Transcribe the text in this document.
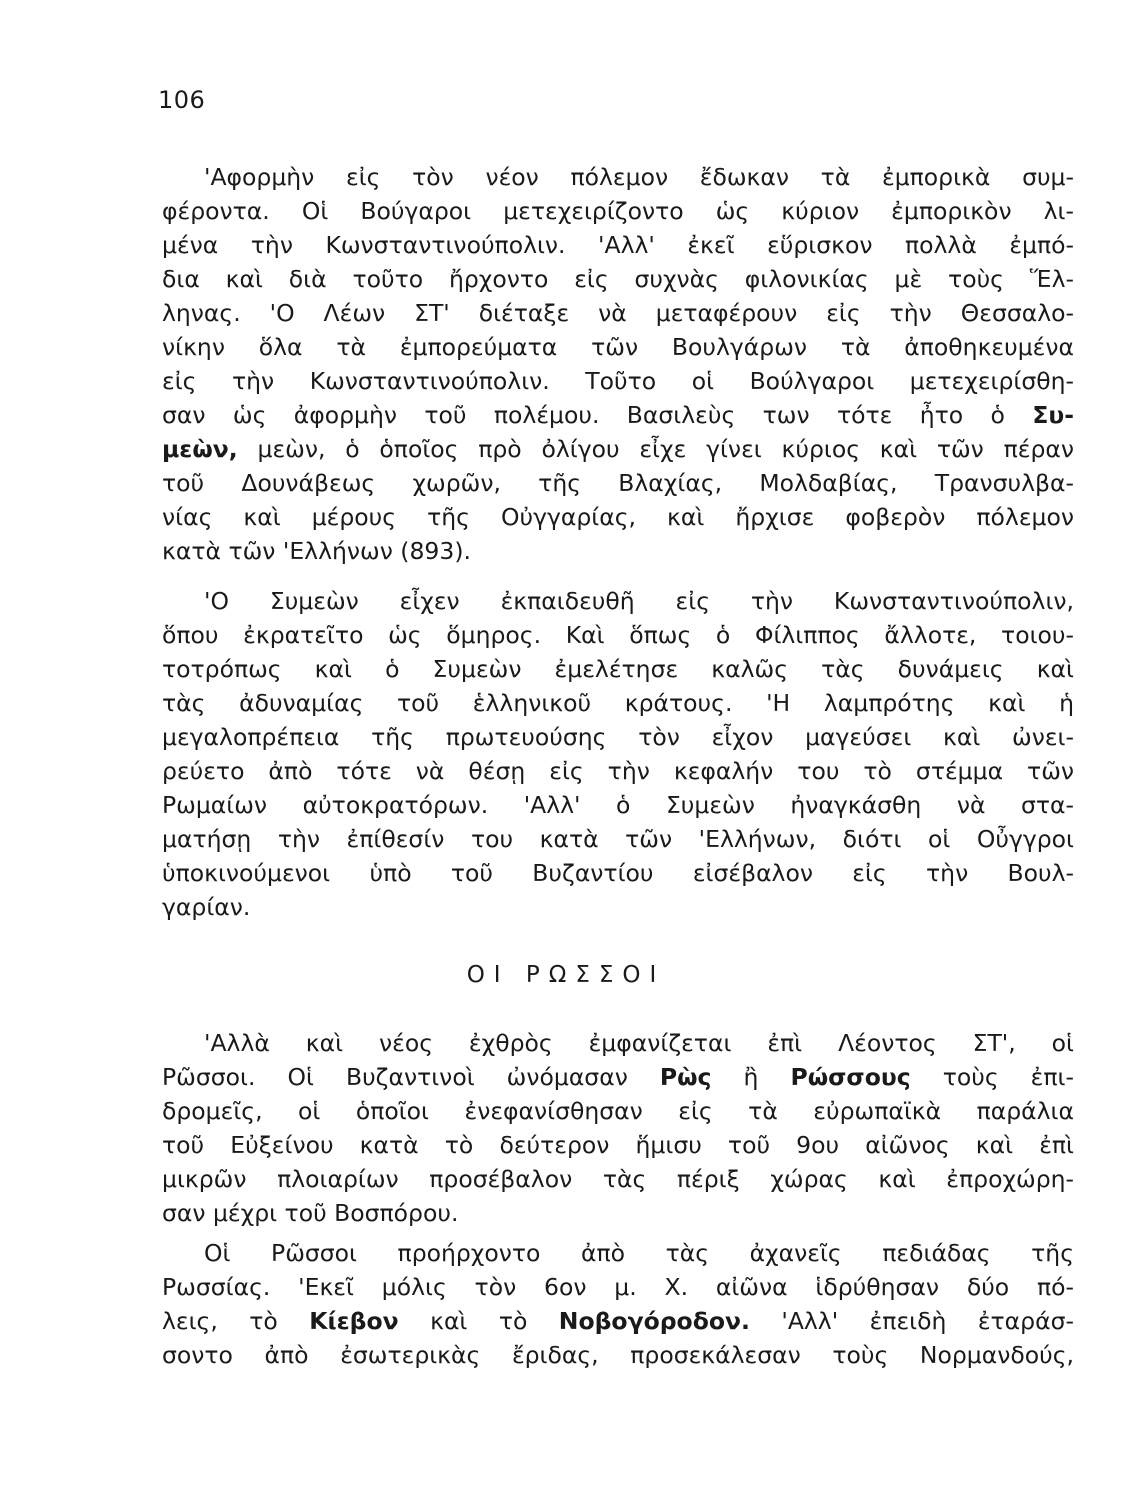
106
'Αφορμὴν εἰς τὸν νέον πόλεμον ἔδωκαν τὰ ἐμπορικὰ συμ-
φέροντα. Οἱ Βούγαροι μετεχειρίζοντο ὡς κύριον ἐμπορικὸν λι-
μένα τὴν Κωνσταντινούπολιν. 'Αλλ' ἐκεῖ εὕρισκον πολλὰ ἐμπό-
δια καὶ διὰ τοῦτο ἤρχοντο εἰς συχνὰς φιλονικίας μὲ τοὺς Ἕλ-
ληνας. 'Ο Λέων ΣΤ' διέταξε νὰ μεταφέρουν εἰς τὴν Θεσσαλο-
νίκην ὅλα τὰ ἐμπορεύματα τῶν Βουλγάρων τὰ ἀποθηκευμένα
εἰς τὴν Κωνσταντινούπολιν. Τοῦτο οἱ Βούλγαροι μετεχειρίσθη-
σαν ὡς ἀφορμὴν τοῦ πολέμου. Βασιλεὺς των τότε ἦτο ὁ Συ-
μεὼν, μεὼν, ὁ ὁποῖος πρὸ ὀλίγου εἶχε γίνει κύριος καὶ τῶν πέραν
τοῦ Δουνάβεως χωρῶν, τῆς Βλαχίας, Μολδαβίας, Τρανσυλβα-
νίας καὶ μέρους τῆς Οὐγγαρίας, καὶ ἤρχισε φοβερὸν πόλεμον
κατὰ τῶν 'Ελλήνων (893).
'Ο Συμεὼν εἶχεν ἐκπαιδευθῆ εἰς τὴν Κωνσταντινούπολιν,
ὅπου ἐκρατεῖτο ὡς ὅμηρος. Καὶ ὅπως ὁ Φίλιππος ἄλλοτε, τοιου-
τοτρόπως καὶ ὁ Συμεὼν ἐμελέτησε καλῶς τὰς δυνάμεις καὶ
τὰς ἀδυναμίας τοῦ ἑλληνικοῦ κράτους. 'Η λαμπρότης καὶ ἡ
μεγαλοπρέπεια τῆς πρωτευούσης τὸν εἶχον μαγεύσει καὶ ὠνει-
ρεύετο ἀπὸ τότε νὰ θέσῃ εἰς τὴν κεφαλήν του τὸ στέμμα τῶν
Ρωμαίων αὐτοκρατόρων. 'Αλλ' ὁ Συμεὼν ἠναγκάσθη νὰ στα-
ματήσῃ τὴν ἐπίθεσίν του κατὰ τῶν 'Ελλήνων, διότι οἱ Οὖγγροι
ὑποκινούμενοι ὑπὸ τοῦ Βυζαντίου εἰσέβαλον εἰς τὴν Βουλ-
γαρίαν.
ΟΙ ΡΩΣΣΟΙ
'Αλλὰ καὶ νέος ἐχθρὸς ἐμφανίζεται ἐπὶ Λέοντος ΣΤ', οἱ
Ρῶσσοι. Οἱ Βυζαντινοὶ ὠνόμασαν Ρὼς ἢ Ρώσσους τοὺς ἐπι-
δρομεῖς, οἱ ὁποῖοι ἐνεφανίσθησαν εἰς τὰ εὐρωπαϊκὰ παράλια
τοῦ Εὐξείνου κατὰ τὸ δεύτερον ἥμισυ τοῦ 9ου αἰῶνος καὶ ἐπὶ
μικρῶν πλοιαρίων προσέβαλον τὰς πέριξ χώρας καὶ ἐπροχώρη-
σαν μέχρι τοῦ Βοσπόρου.
Οἱ Ρῶσσοι προήρχοντο ἀπὸ τὰς ἀχανεῖς πεδιάδας τῆς
Ρωσσίας. 'Εκεῖ μόλις τὸν 6ον μ. Χ. αἰῶνα ἱδρύθησαν δύο πό-
λεις, τὸ Κίεβον καὶ τὸ Νοβογόροδον. 'Αλλ' ἐπειδὴ ἐταράσ-
σοντο ἀπὸ ἐσωτερικὰς ἔριδας, προσεκάλεσαν τοὺς Νορμανδούς,
